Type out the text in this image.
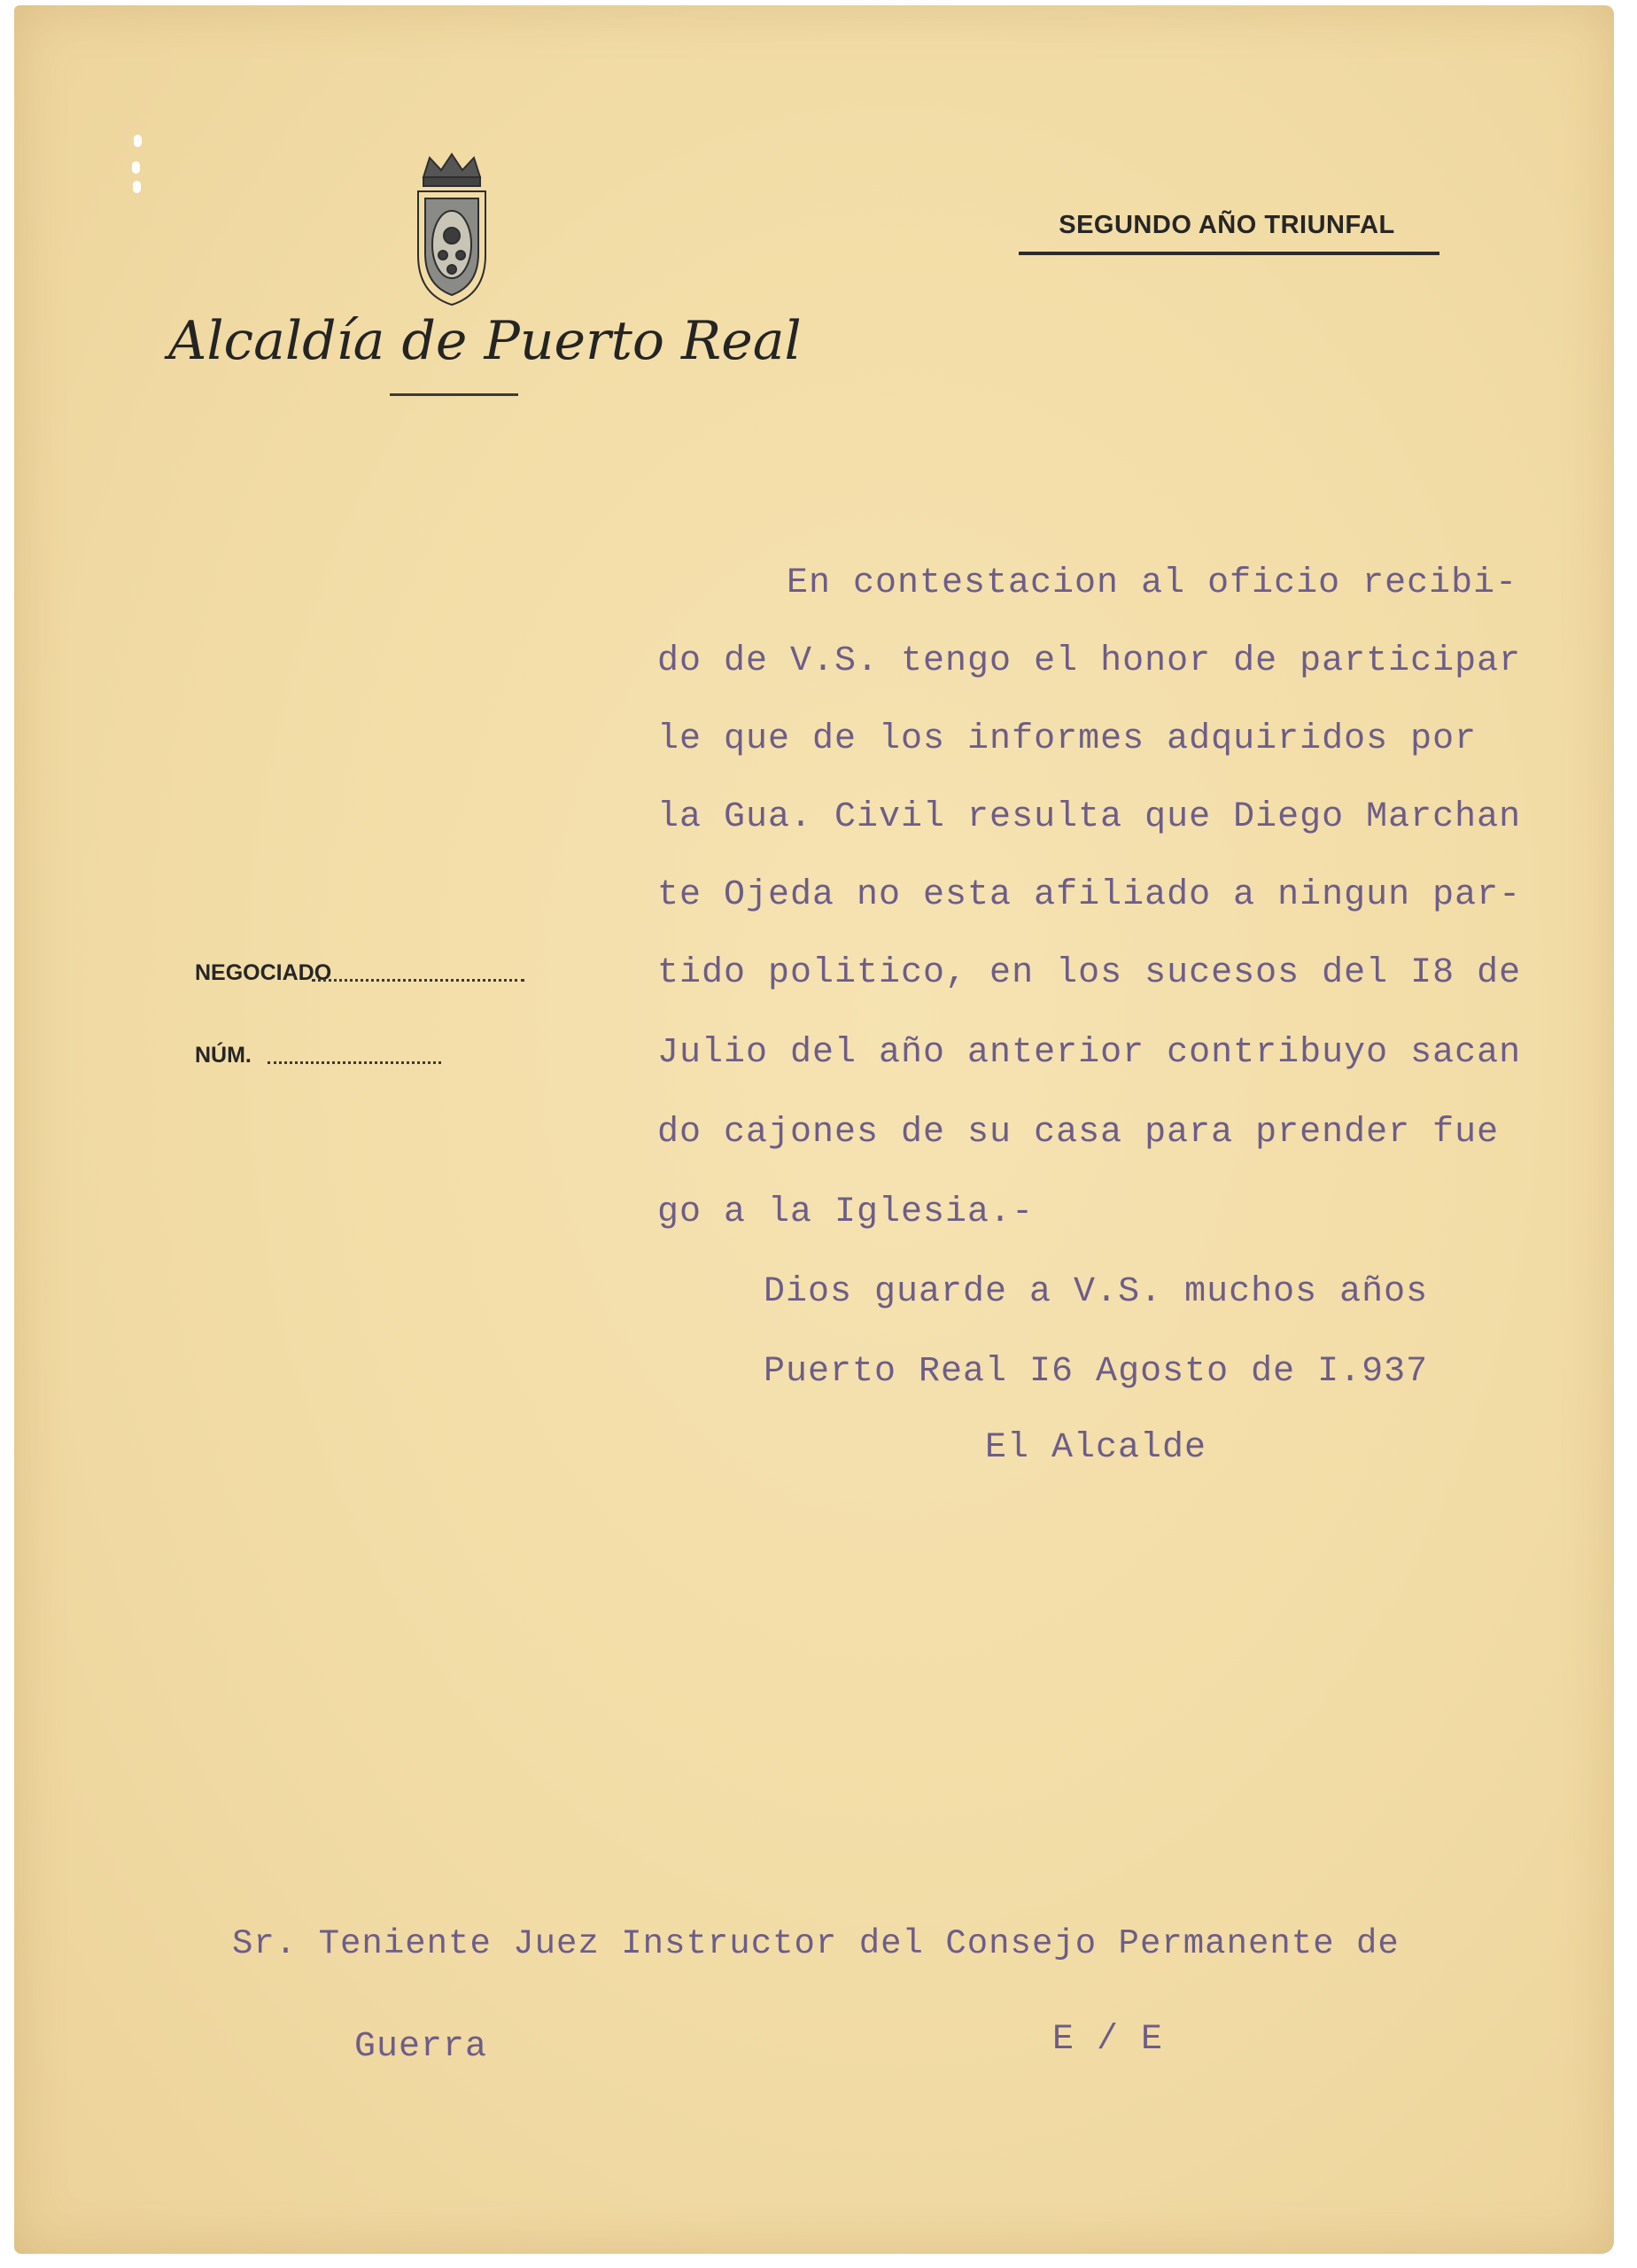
Alcaldía de Puerto Real
SEGUNDO AÑO TRIUNFAL
NEGOCIADO
NÚM.
En contestacion al oficio recibi-
do de V.S. tengo el honor de participar
le que de los informes adquiridos por
la Gua. Civil resulta que Diego Marchan
te Ojeda no esta afiliado a ningun par-
tido politico, en los sucesos del I8 de
Julio del año anterior contribuyo sacan
do cajones de su casa para prender fue
go a la Iglesia.-
Dios guarde a V.S. muchos años
Puerto Real I6 Agosto de I.937
El Alcalde
Sr. Teniente Juez Instructor del Consejo Permanente de
Guerra	E / E
